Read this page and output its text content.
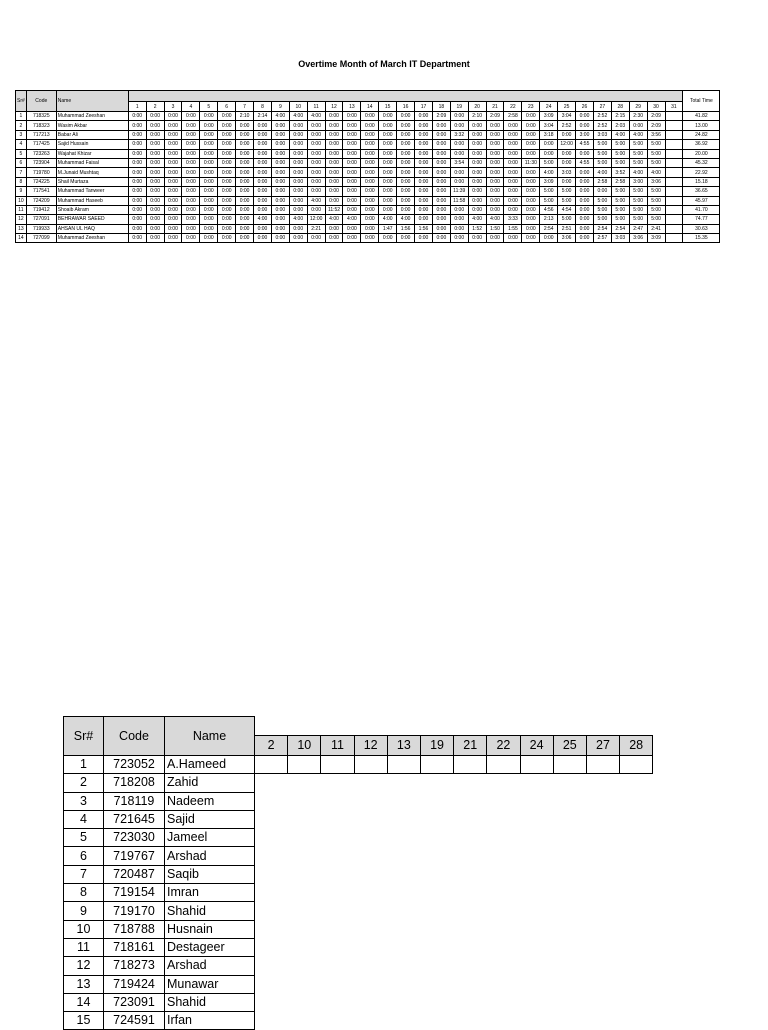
Overtime Month of March IT Department
Sr#	Code	Name																																Total Time
			1	2	3	4	5	6	7	8	9	10	11	12	13	14	15	16	17	18	19	20	21	22	23	24	25	26	27	28	29	30	31	
1	718325	Muhammad Zeeshan	0:00	0:00	0:00	0:00	0:00	0:00	2:10	2:14	4:00	4:00	4:00	0:00	0:00	0:00	0:00	0:00	0:00	2:09	0:00	2:10	2:09	2:58	0:00	3:09	3:04	0:00	2:52	2:15	2:30	2:09		41.82
2	718323	Wasim Akbar	0:00	0:00	0:00	0:00	0:00	0:00	0:00	0:00	0:00	0:00	0:00	0:00	0:00	0:00	0:00	0:00	0:00	0:00	0:00	0:00	0:00	0:00	0:00	3:04	2:52	0:00	2:52	2:03	0:00	2:09		13.00
3	717213	Babar Ali	0:00	0:00	0:00	0:00	0:00	0:00	0:00	0:00	0:00	0:00	0:00	0:00	0:00	0:00	0:00	0:00	0:00	0:00	3:32	0:00	0:00	0:00	0:00	3:18	0:00	3:00	3:03	4:00	4:00	3:56		24.82
4	717425	Sajid Hussain	0:00	0:00	0:00	0:00	0:00	0:00	0:00	0:00	0:00	0:00	0:00	0:00	0:00	0:00	0:00	0:00	0:00	0:00	0:00	0:00	0:00	0:00	0:00	0:00	12:00	4:55	5:00	5:00	5:00	5:00		36.92
5	723263	Wajahat Khizar	0:00	0:00	0:00	0:00	0:00	0:00	0:00	0:00	0:00	0:00	0:00	0:00	0:00	0:00	0:00	0:00	0:00	0:00	0:00	0:00	0:00	0:00	0:00	0:00	0:00	0:00	5:00	5:00	5:00	5:00		20.00
6	723904	Muhammad Faisal	0:00	0:00	0:00	0:00	0:00	0:00	0:00	0:00	0:00	0:00	0:00	0:00	0:00	0:00	0:00	0:00	0:00	0:00	3:54	0:00	0:00	0:00	11:30	5:00	0:00	4:55	5:00	5:00	5:00	5:00		45.32
7	719780	M.Junaid Mushtaq	0:00	0:00	0:00	0:00	0:00	0:00	0:00	0:00	0:00	0:00	0:00	0:00	0:00	0:00	0:00	0:00	0:00	0:00	0:00	0:00	0:00	0:00	0:00	4:00	3:03	0:00	4:00	3:52	4:00	4:00		22.92
8	724225	Shail Murtaza	0:00	0:00	0:00	0:00	0:00	0:00	0:00	0:00	0:00	0:00	0:00	0:00	0:00	0:00	0:00	0:00	0:00	0:00	0:00	0:00	0:00	0:00	0:00	3:09	0:00	0:00	2:58	2:58	3:00	3:06		15.18
9	717541	Muhammad Tanweer	0:00	0:00	0:00	0:00	0:00	0:00	0:00	0:00	0:00	0:00	0:00	0:00	0:00	0:00	0:00	0:00	0:00	0:00	11:39	0:00	0:00	0:00	0:00	5:00	5:00	0:00	0:00	5:00	5:00	5:00		36.65
10	724209	Muhammad Haseeb	0:00	0:00	0:00	0:00	0:00	0:00	0:00	0:00	0:00	0:00	4:00	0:00	0:00	0:00	0:00	0:00	0:00	0:00	11:58	0:00	0:00	0:00	0:00	5:00	5:00	0:00	5:00	5:00	5:00	5:00		45.97
11	719412	Shoaib Akram	0:00	0:00	0:00	0:00	0:00	0:00	0:00	0:00	0:00	0:00	0:00	11:52	0:00	0:00	0:00	0:00	0:00	0:00	0:00	0:00	0:00	0:00	0:00	4:56	4:54	0:00	5:00	5:00	5:00	5:00		41.70
12	727091	BEHRAWAR SAEED	0:00	0:00	0:00	0:00	0:00	0:00	0:00	4:00	0:00	4:00	12:00	4:00	4:00	0:00	4:00	4:00	0:00	0:00	0:00	4:00	4:00	3:33	0:00	2:13	5:00	0:00	5:00	5:00	5:00	5:00		74.77
13	719933	AHSAN UL HAQ	0:00	0:00	0:00	0:00	0:00	0:00	0:00	0:00	0:00	0:00	2:21	0:00	0:00	0:00	1:47	1:56	1:56	0:00	0:00	1:52	1:50	1:55	0:00	2:54	2:51	0:00	2:54	2:54	2:47	2:41		30.63
14	727099	Muhammad Zeeshan	0:00	0:00	0:00	0:00	0:00	0:00	0:00	0:00	0:00	0:00	0:00	0:00	0:00	0:00	0:00	0:00	0:00	0:00	0:00	0:00	0:00	0:00	0:00	0:00	3:06	0:00	2:57	3:03	3:06	3:09		15.35
Sr#	Code	Name												
			2	10	11	12	13	19	21	22	24	25	27	28
1	723052	A.Hameed												
2	718208	Zahid												
3	718119	Nadeem												
4	721645	Sajid												
5	723030	Jameel												
6	719767	Arshad												
7	720487	Saqib												
8	719154	Imran												
9	719170	Shahid												
10	718788	Husnain												
11	718161	Destageer												
12	718273	Arshad												
13	719424	Munawar												
14	723091	Shahid												
15	724591	Irfan												
